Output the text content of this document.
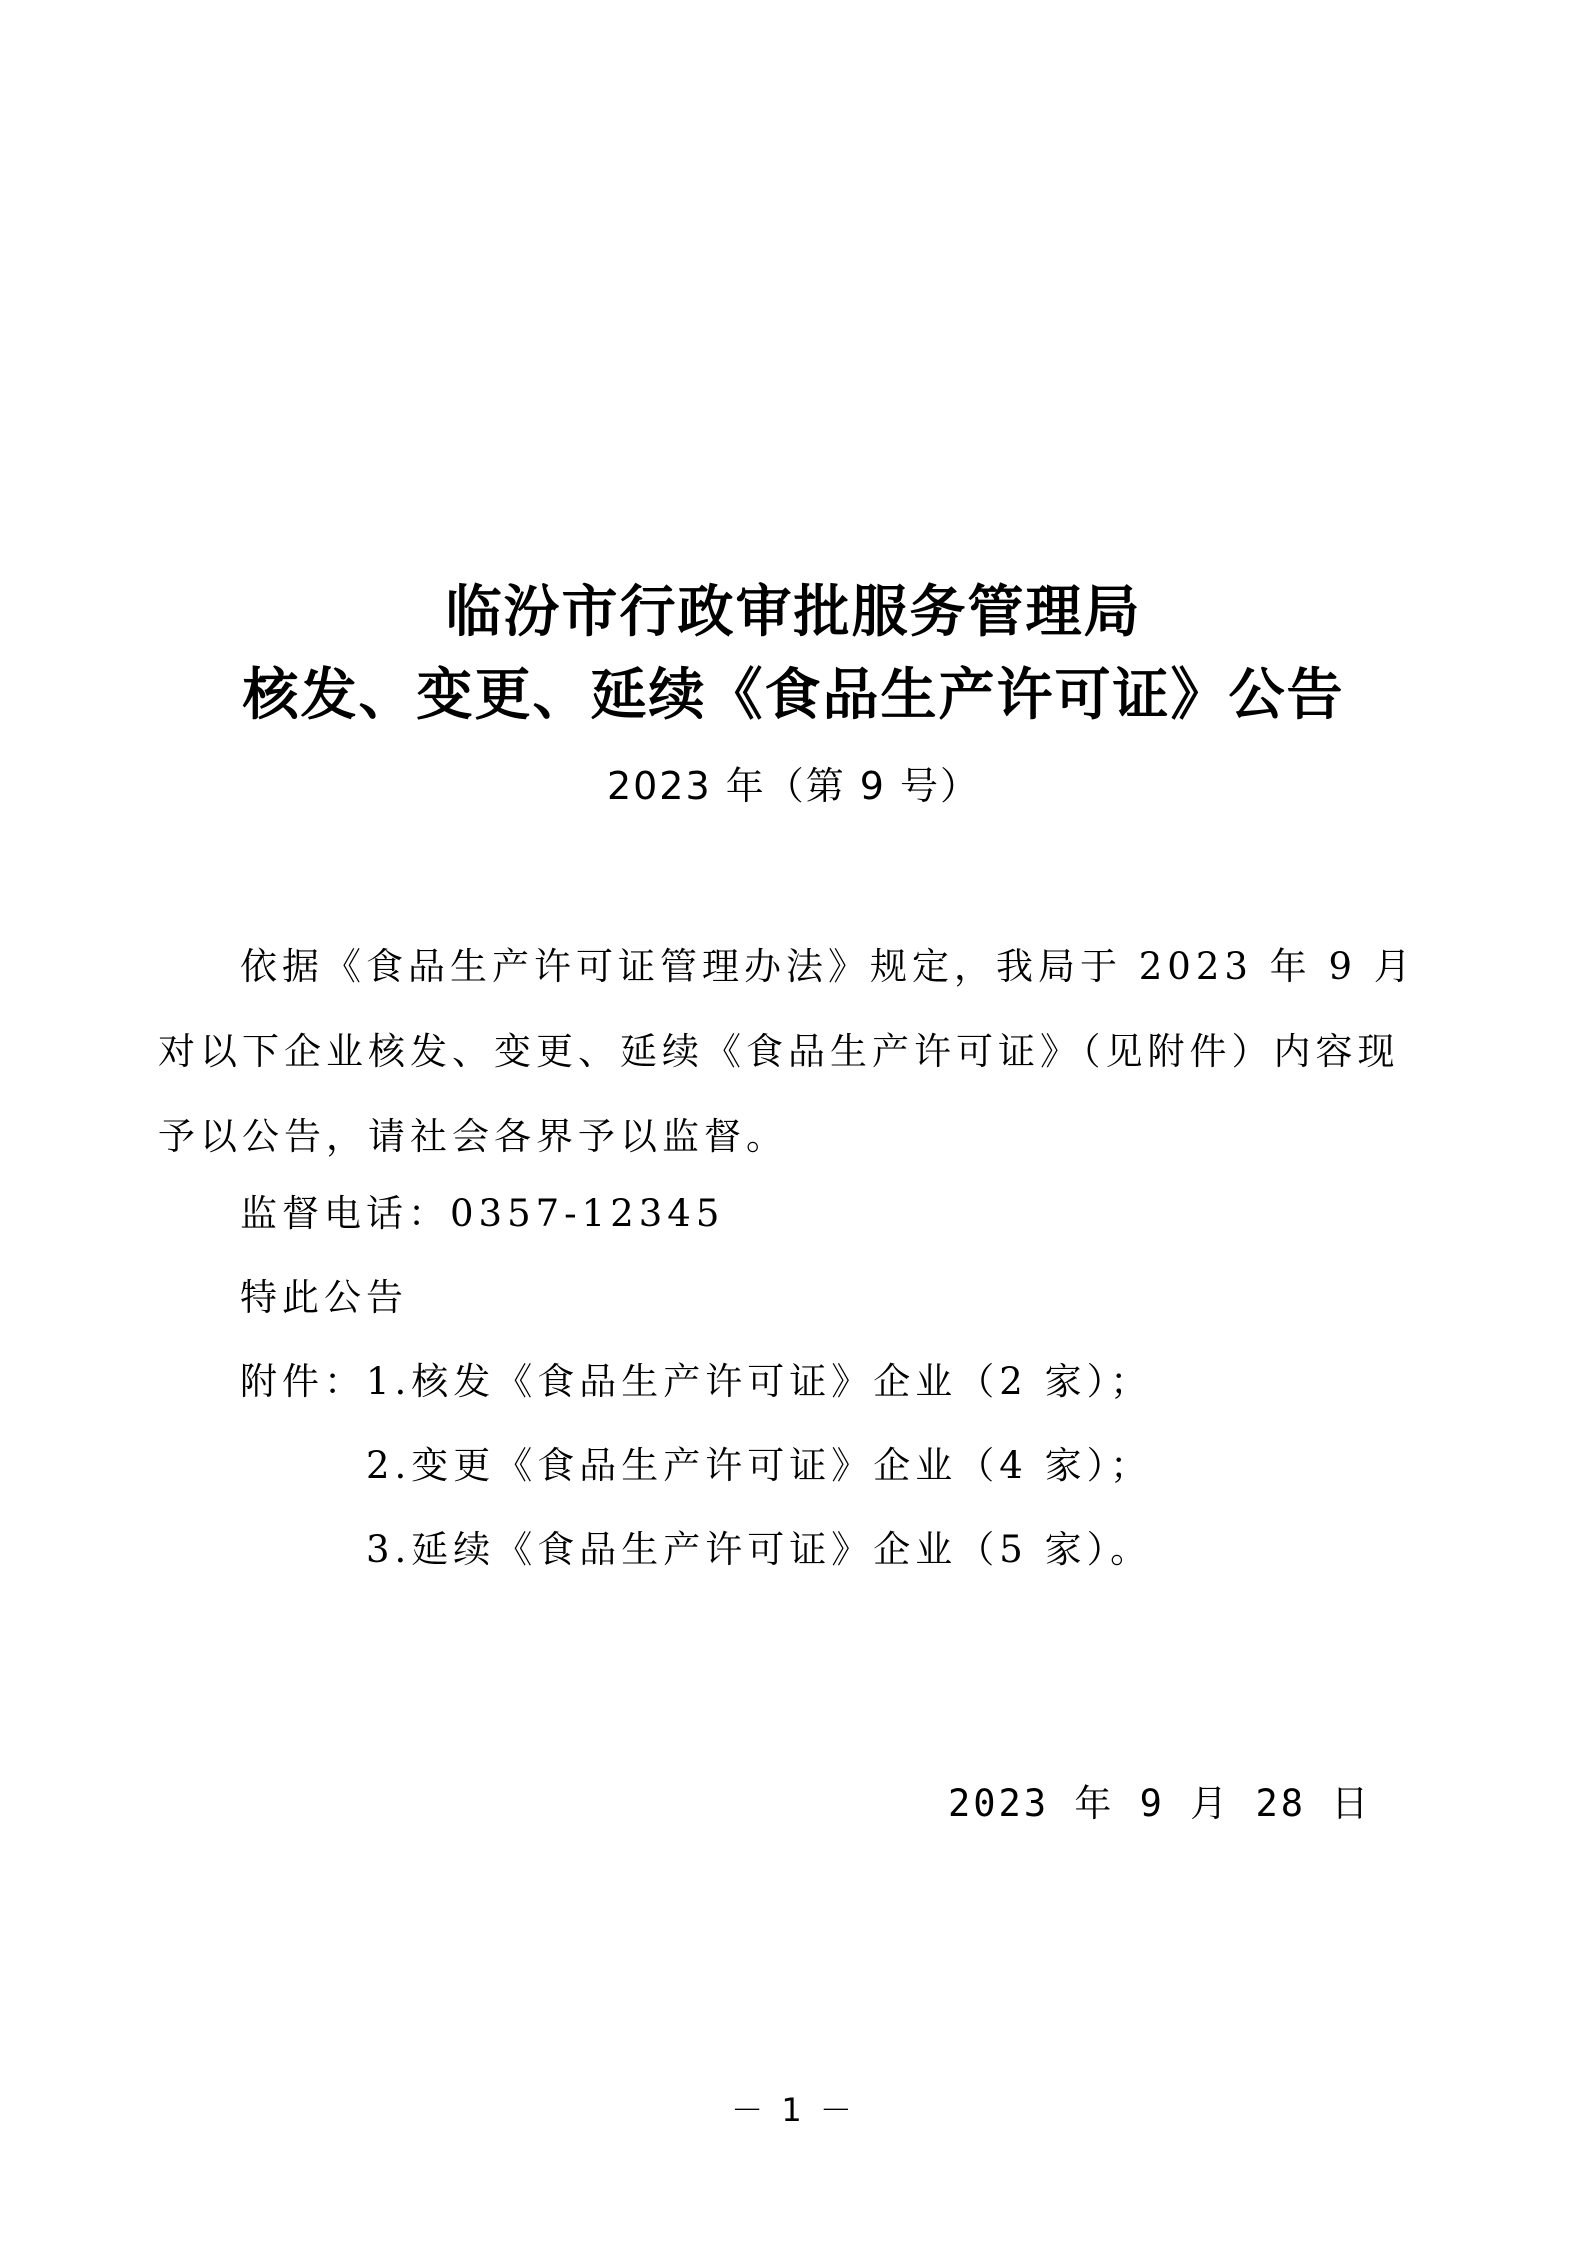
临汾市行政审批服务管理局
核发、变更、延续《食品生产许可证》公告
2023 年（第 9 号）

依据《食品生产许可证管理办法》规定，我局于 2023 年 9 月对以下企业核发、变更、延续《食品生产许可证》（见附件）内容现予以公告，请社会各界予以监督。

监督电话：0357-12345
特此公告
附件：1.核发《食品生产许可证》企业（2 家）；
2.变更《食品生产许可证》企业（4 家）；
3.延续《食品生产许可证》企业（5 家）。
2023 年 9 月 28 日
－ 1 －
